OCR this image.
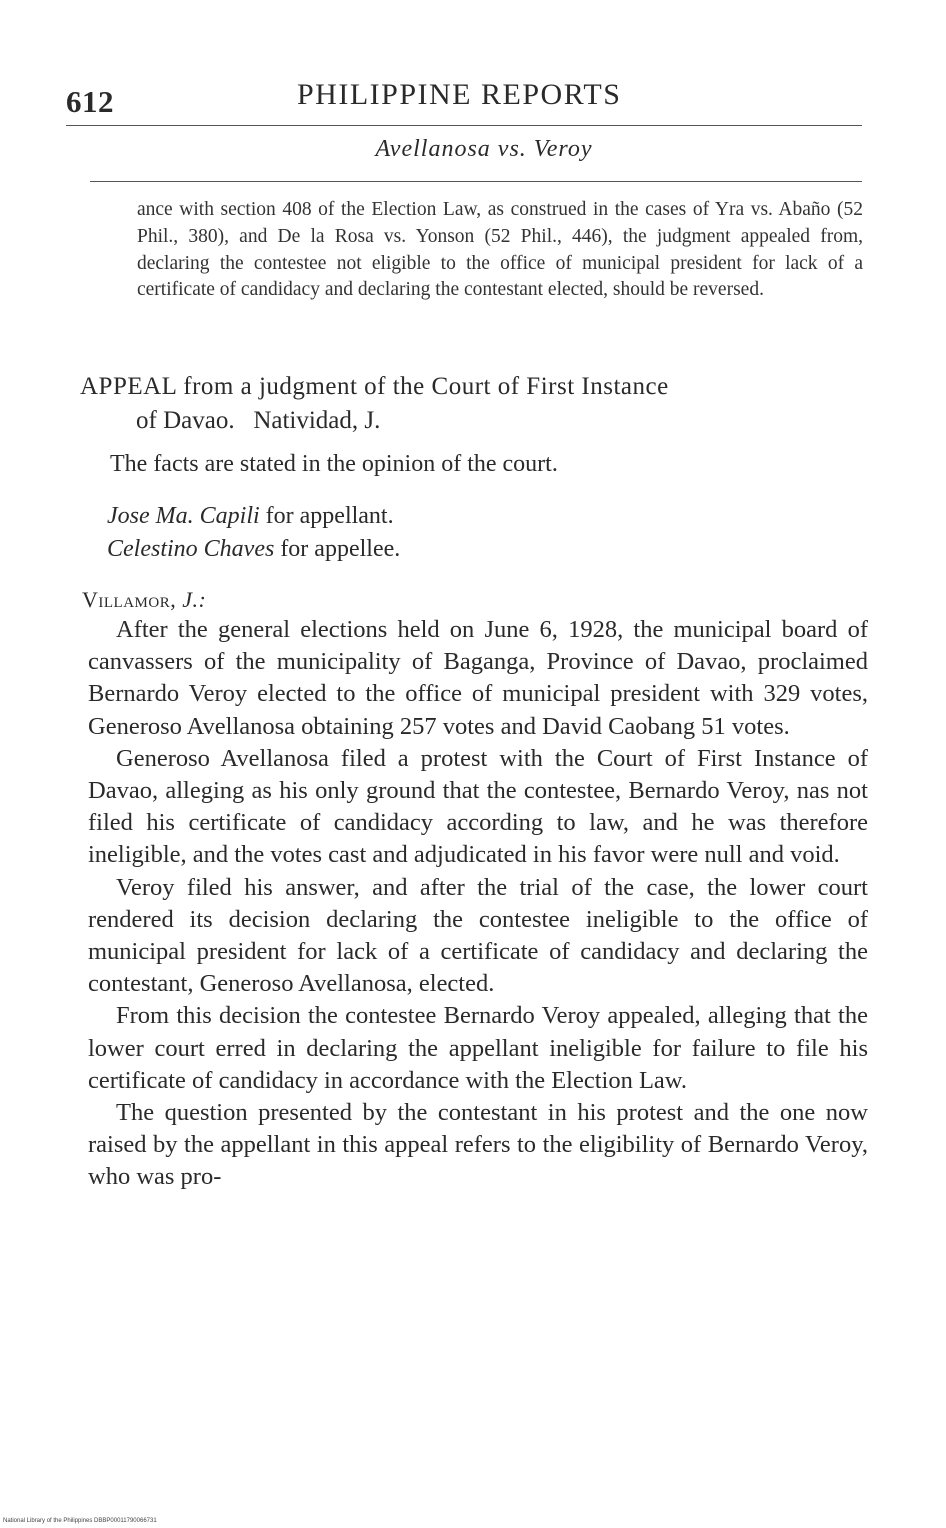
612	PHILIPPINE REPORTS
Avellanosa vs. Veroy
ance with section 408 of the Election Law, as construed in the cases of Yra vs. Abaño (52 Phil., 380), and De la Rosa vs. Yonson (52 Phil., 446), the judgment appealed from, declaring the contestee not eligible to the office of municipal president for lack of a certificate of candidacy and declaring the contestant elected, should be reversed.
APPEAL from a judgment of the Court of First Instance
of Davao.   Natividad, J.
The facts are stated in the opinion of the court.
Jose Ma. Capili for appellant.
Celestino Chaves for appellee.
Villamor, J.:

After the general elections held on June 6, 1928, the municipal board of canvassers of the municipality of Baganga, Province of Davao, proclaimed Bernardo Veroy elected to the office of municipal president with 329 votes, Generoso Avellanosa obtaining 257 votes and David Caobang 51 votes.

Generoso Avellanosa filed a protest with the Court of First Instance of Davao, alleging as his only ground that the contestee, Bernardo Veroy, nas not filed his certificate of candidacy according to law, and he was therefore ineligible, and the votes cast and adjudicated in his favor were null and void.

Veroy filed his answer, and after the trial of the case, the lower court rendered its decision declaring the contestee ineligible to the office of municipal president for lack of a certificate of candidacy and declaring the contestant, Generoso Avellanosa, elected.

From this decision the contestee Bernardo Veroy appealed, alleging that the lower court erred in declaring the appellant ineligible for failure to file his certificate of candidacy in accordance with the Election Law.

The question presented by the contestant in his protest and the one now raised by the appellant in this appeal refers to the eligibility of Bernardo Veroy, who was pro-

National Library of the Philippines DBBP00011790066731
